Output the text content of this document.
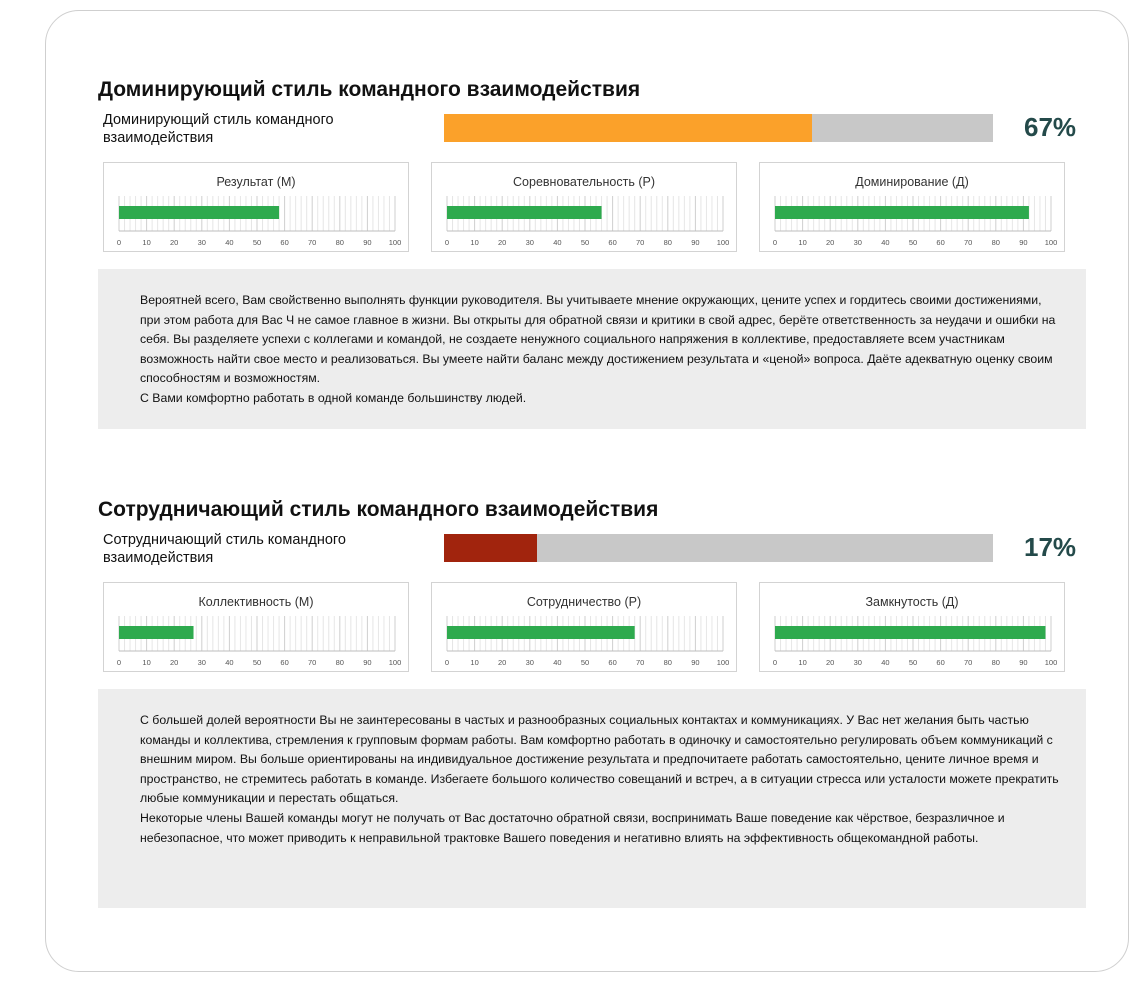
Доминирующий стиль командного взаимодействия
Доминирующий стиль командного взаимодействия	67%
Результат (М)
0	10	20	30	40	50	60	70	80	90 100
Соревновательность (Р)
0	10	20	30	40	50	60	70	80	90 100
Доминирование (Д)
0	10	20	30	40	50	60	70	80	90 100

Вероятней всего, Вам свойственно выполнять функции руководителя. Вы учитываете мнение окружающих, цените успех и гордитесь своими достижениями, при этом работа для Вас Ч не самое главное в жизни. Вы открыты для обратной связи и критики в свой адрес, берёте ответственность за неудачи и ошибки на себя. Вы разделяете успехи с коллегами и командой, не создаете ненужного социального напряжения в коллективе, предоставляете всем участникам возможность найти свое место и реализоваться. Вы умеете найти баланс между достижением результата и «ценой» вопроса. Даёте адекватную оценку своим способностям и возможностям.

С Вами комфортно работать в одной команде большинству людей.

Сотрудничающий стиль командного взаимодействия
Сотрудничающий стиль командного взаимодействия	17%
Коллективность (М)
0	10	20	30	40	50	60	70	80	90 100
Сотрудничество (Р)
0	10	20	30	40	50	60	70	80	90 100
Замкнутость (Д)
0	10	20	30	40	50	60	70	80	90 100

С большей долей вероятности Вы не заинтересованы в частых и разнообразных социальных контактах и коммуникациях. У Вас нет желания быть частью команды и коллектива, стремления к групповым формам работы. Вам комфортно работать в одиночку и самостоятельно регулировать объем коммуникаций с внешним миром. Вы больше ориентированы на индивидуальное достижение результата и предпочитаете работать самостоятельно, цените личное время и пространство, не стремитесь работать в команде. Избегаете большого количество совещаний и встреч, а в ситуации стресса или усталости можете прекратить любые коммуникации и перестать общаться.

Некоторые члены Вашей команды могут не получать от Вас достаточно обратной связи, воспринимать Ваше поведение как чёрствое, безразличное и небезопасное, что может приводить к неправильной трактовке Вашего поведения и негативно влиять на эффективность общекомандной работы.
